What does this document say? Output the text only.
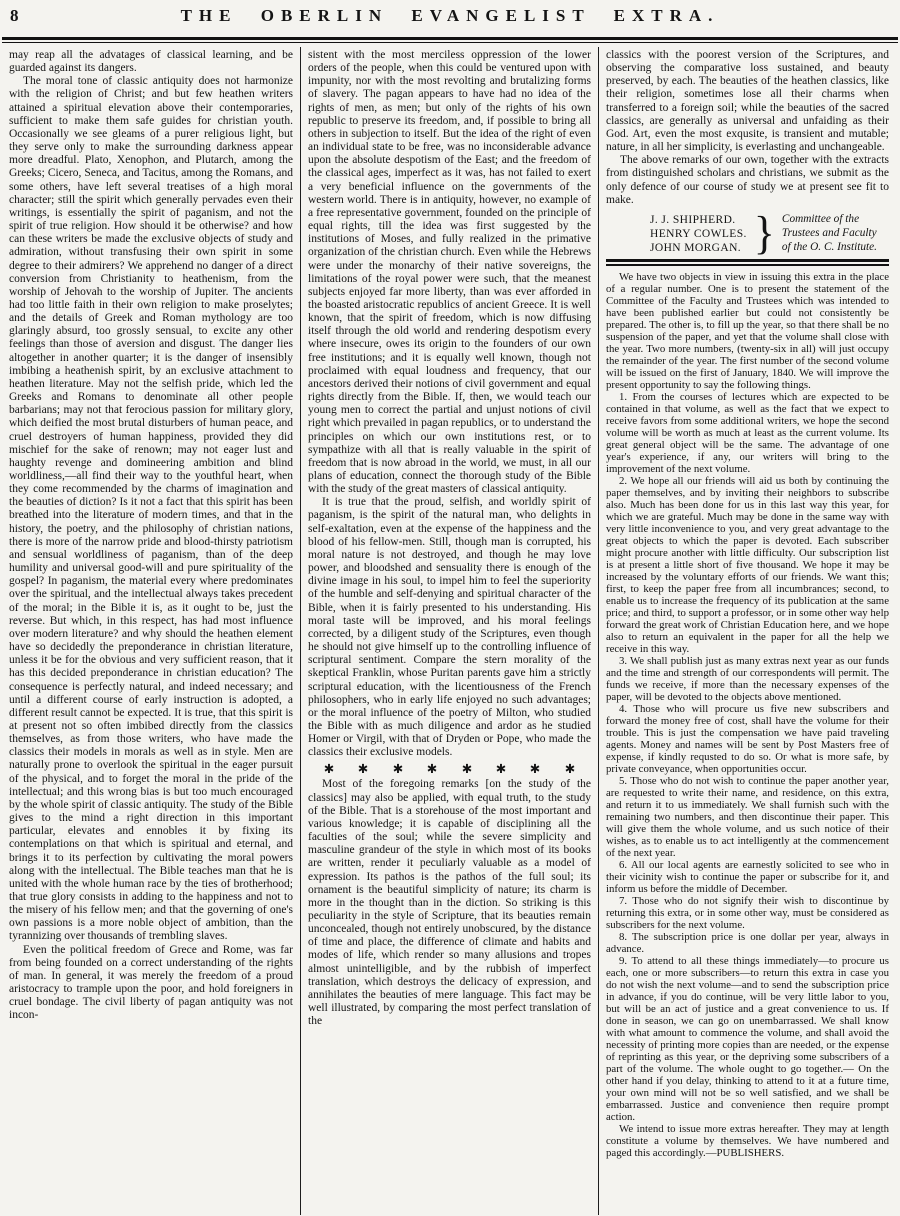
8	THE OBERLIN EVANGELIST EXTRA.

may reap all the advatages of classical learning, and be guarded against its dangers.

The moral tone of classic antiquity does not harmonize with the religion of Christ; and but few heathen writers attained a spiritual elevation above their contemporaries, sufficient to make them safe guides for christian youth. Occasionally we see gleams of a purer religious light, but they serve only to make the surrounding darkness appear more dreadful. Plato, Xenophon, and Plutarch, among the Greeks; Cicero, Seneca, and Tacitus, among the Romans, and some others, have left several treatises of a high moral character; still the spirit which generally pervades even their writings, is essentially the spirit of paganism, and not the spirit of true religion. How should it be otherwise? and how can these writers be made the exclusive objects of study and admiration, without transfusing their own spirit in some degree to their admirers? We apprehend no danger of a direct conversion from Christianity to heathenism, from the worship of Jehovah to the worship of Jupiter. The ancients had too little faith in their own religion to make proselytes; and the details of Greek and Roman mythology are too glaringly absurd, too grossly sensual, to excite any other feelings than those of aversion and disgust. The danger lies altogether in another quarter; it is the danger of insensibly imbibing a heathenish spirit, by an exclusive attachment to heathen literature. May not the selfish pride, which led the Greeks and Romans to denominate all other people barbarians; may not that ferocious passion for military glory, which deified the most brutal disturbers of human peace, and cruel destroyers of human happiness, provided they did mischief for the sake of renown; may not eager lust and haughty revenge and domineering ambition and blind worldliness,—all find their way to the youthful heart, when they come recommended by the charms of imagination and the beauties of diction? Is it not a fact that this spirit has been breathed into the literature of modern times, and that in the history, the poetry, and the philosophy of christian nations, there is more of the narrow pride and blood-thirsty patriotism and sensual worldliness of paganism, than of the deep humility and universal good-will and pure spirituality of the gospel? In paganism, the material every where predominates over the spiritual, and the intellectual always takes precedent of the moral; in the Bible it is, as it ought to be, just the reverse. But which, in this respect, has had most influence over modern literature? and why should the heathen element have so decidedly the preponderance in christian literature, unless it be for the obvious and very sufficient reason, that it has this decided preponderance in christian education? The consequence is perfectly natural, and indeed necessary; and until a different course of early instruction is adopted, a different result cannot be expected. It is true, that this spirit is at present not so often imbibed directly from the classics themselves, as from those writers, who have made the classics their models in morals as well as in style. Men are naturally prone to overlook the spiritual in the eager pursuit of the physical, and to forget the moral in the pride of the intellectual; and this wrong bias is but too much encouraged by the whole spirit of classic antiquity. The study of the Bible gives to the mind a right direction in this important particular, elevates and ennobles it by fixing its contemplations on that which is spiritual and eternal, and brings it to its perfection by cultivating the moral powers along with the intellectual. The Bible teaches man that he is united with the whole human race by the ties of brotherhood; that true glory consists in adding to the happiness and not to the misery of his fellow men; and that the governing of one's own passions is a more noble object of ambition, than the tyrannizing over thousands of trembling slaves.

Even the political freedom of Grece and Rome, was far from being founded on a correct understanding of the rights of man. In general, it was merely the freedom of a proud aristocracy to trample upon the poor, and hold foreigners in cruel bondage. The civil liberty of pagan antiquity was not incon-

sistent with the most merciless oppression of the lower orders of the people, when this could be ventured upon with impunity, nor with the most revolting and brutalizing forms of slavery. The pagan appears to have had no idea of the rights of men, as men; but only of the rights of his own republic to preserve its freedom, and, if possible to bring all others in subjection to itself. But the idea of the right of even an individual state to be free, was no inconsiderable advance upon the absolute despotism of the East; and the freedom of the classical ages, imperfect as it was, has not failed to exert a very beneficial influence on the governments of the western world. There is in antiquity, however, no example of a free representative government, founded on the principle of equal rights, till the idea was first suggested by the institutions of Moses, and fully realized in the primative organization of the christian church. Even while the Hebrews were under the monarchy of their native sovereigns, the limitations of the royal power were such, that the meanest subjects enjoyed far more liberty, than was ever afforded in the boasted aristocratic republics of ancient Greece. It is well known, that the spirit of freedom, which is now diffusing itself through the old world and rendering despotism every where insecure, owes its origin to the founders of our own free institutions; and it is equally well known, though not proclaimed with equal loudness and frequency, that our ancestors derived their notions of civil government and equal rights directly from the Bible. If, then, we would teach our young men to correct the partial and unjust notions of civil right which prevailed in pagan republics, or to understand the principles on which our own institutions rest, or to sympathize with all that is really valuable in the spirit of freedom that is now abroad in the world, we must, in all our plans of education, connect the thorough study of the Bible with the study of the great masters of classical antiquity.

It is true that the proud, selfish, and worldly spirit of paganism, is the spirit of the natural man, who delights in self-exaltation, even at the expense of the happiness and the blood of his fellow-men. Still, though man is corrupted, his moral nature is not destroyed, and though he may love power, and bloodshed and sensuality there is enough of the divine image in his soul, to impel him to feel the superiority of the humble and self-denying and spiritual character of the Bible, when it is fairly presented to his understanding. His moral taste will be improved, and his moral feelings corrected, by a diligent study of the Scriptures, even though he should not give himself up to the controlling influence of scriptural sentiment. Compare the stern morality of the skeptical Franklin, whose Puritan parents gave him a strictly scriptural education, with the licentiousness of the French philosophers, who in early life enjoyed no such advantages; or the moral influence of the poetry of Milton, who studied the Bible with as much diligence and ardor as he studied Homer or Virgil, with that of Dryden or Pope, who made the classics their exclusive models.

✱ ✱ ✱ ✱ ✱ ✱ ✱ ✱

Most of the foregoing remarks [on the study of the classics] may also be applied, with equal truth, to the study of the Bible. That is a storehouse of the most important and various knowledge; it is capable of disciplining all the faculties of the soul; while the severe simplicity and masculine grandeur of the style in which most of its books are written, render it peculiarly valuable as a model of expression. Its pathos is the pathos of the full soul; its ornament is the beautiful simplicity of nature; its charm is more in the thought than in the diction. So striking is this peculiarity in the style of Scripture, that its beauties remain unconcealed, though not entirely unobscured, by the distance of time and place, the difference of climate and habits and modes of life, which render so many allusions and tropes almost unintelligible, and by the rubbish of imperfect translation, which destroys the delicacy of expression, and annihilates the beauties of mere language. This fact may be well illustrated, by comparing the most perfect translation of the

classics with the poorest version of the Scriptures, and observing the comparative loss sustained, and beauty preserved, by each. The beauties of the heathen classics, like their religion, sometimes lose all their charms when transferred to a foreign soil; while the beauties of the sacred classics, are generally as universal and unfaiding as their God. Art, even the most exqusite, is transient and mutable; nature, in all her simplicity, is everlasting and unchangeable.

The above remarks of our own, together with the extracts from distinguished scholars and christians, we submit as the only defence of our course of study we at present see fit to make.

J. J. SHIPHERD.
HENRY COWLES.
JOHN MORGAN. } Committee of the
Trustees and Faculty
of the O. C. Institute.

We have two objects in view in issuing this extra in the place of a regular number. One is to present the statement of the Committee of the Faculty and Trustees which was intended to have been published earlier but could not consistently be prepared. The other is, to fill up the year, so that there shall be no suspension of the paper, and yet that the volume shall close with the year. Two more numbers, (twenty-six in all) will just occupy the remainder of the year. The first number of the second volume will be issued on the first of January, 1840. We will improve the present opportunity to say the following things.

1. From the courses of lectures which are expected to be contained in that volume, as well as the fact that we expect to receive favors from some additional writers, we hope the second volume will be worth as much at least as the current volume. Its great general object will be the same. The advantage of one year's experience, if any, our writers will bring to the improvement of the next volume.

2. We hope all our friends will aid us both by continuing the paper themselves, and by inviting their neighbors to subscribe also. Much has been done for us in this last way this year, for which we are grateful. Much may be done in the same way with very little inconvenience to you, and very great advantage to the great objects to which the paper is devoted. Each subscriber might procure another with little difficulty. Our subscription list is at present a little short of five thousand. We hope it may be increased by the voluntary efforts of our friends. We want this; first, to keep the paper free from all incumbrances; second, to enable us to increase the frequency of its publication at the same price; and third, to support a professor, or in some other way help forward the great work of Christian Education here, and we hope also to return an equivalent in the paper for all the help we receive in this way.

3. We shall publish just as many extras next year as our funds and the time and strength of our correspondents will permit. The funds we receive, if more than the necessary expenses of the paper, will be devoted to the objects above mentioned.

4. Those who will procure us five new subscribers and forward the money free of cost, shall have the volume for their trouble. This is just the compensation we have paid traveling agents. Money and names will be sent by Post Masters free of expense, if kindly requsted to do so. Or what is more safe, by private conveyance, when opportunities occur.

5. Those who do not wish to continue the paper another year, are requested to write their name, and residence, on this extra, and return it to us immediately. We shall furnish such with the remaining two numbers, and then discontinue their paper. This will give them the whole volume, and us such notice of their wishes, as to enable us to act intelligently at the commencement of the next year.

6. All our local agents are earnestly solicited to see who in their vicinity wish to continue the paper or subscribe for it, and inform us before the middle of December.

7. Those who do not signify their wish to discontinue by returning this extra, or in some other way, must be considered as subscribers for the next volume.

8. The subscription price is one dollar per year, always in advance.

9. To attend to all these things immediately—to procure us each, one or more subscribers—to return this extra in case you do not wish the next volume—and to send the subscription price in advance, if you do continue, will be very little labor to you, but will be an act of justice and a great convenience to us. If done in season, we can go on unembarrassed. We shall know with what amount to commence the volume, and shall avoid the necessity of printing more copies than are needed, or the expense of reprinting as this year, or the depriving some subscribers of a part of the volume. The whole ought to go together.— On the other hand if you delay, thinking to attend to it at a future time, your own mind will not be so well satisfied, and we shall be embarrassed. Justice and convenience then require prompt action.

We intend to issue more extras hereafter. They may at length constitute a volume by themselves. We have numbered and paged this accordingly.—PUBLISHERS.
